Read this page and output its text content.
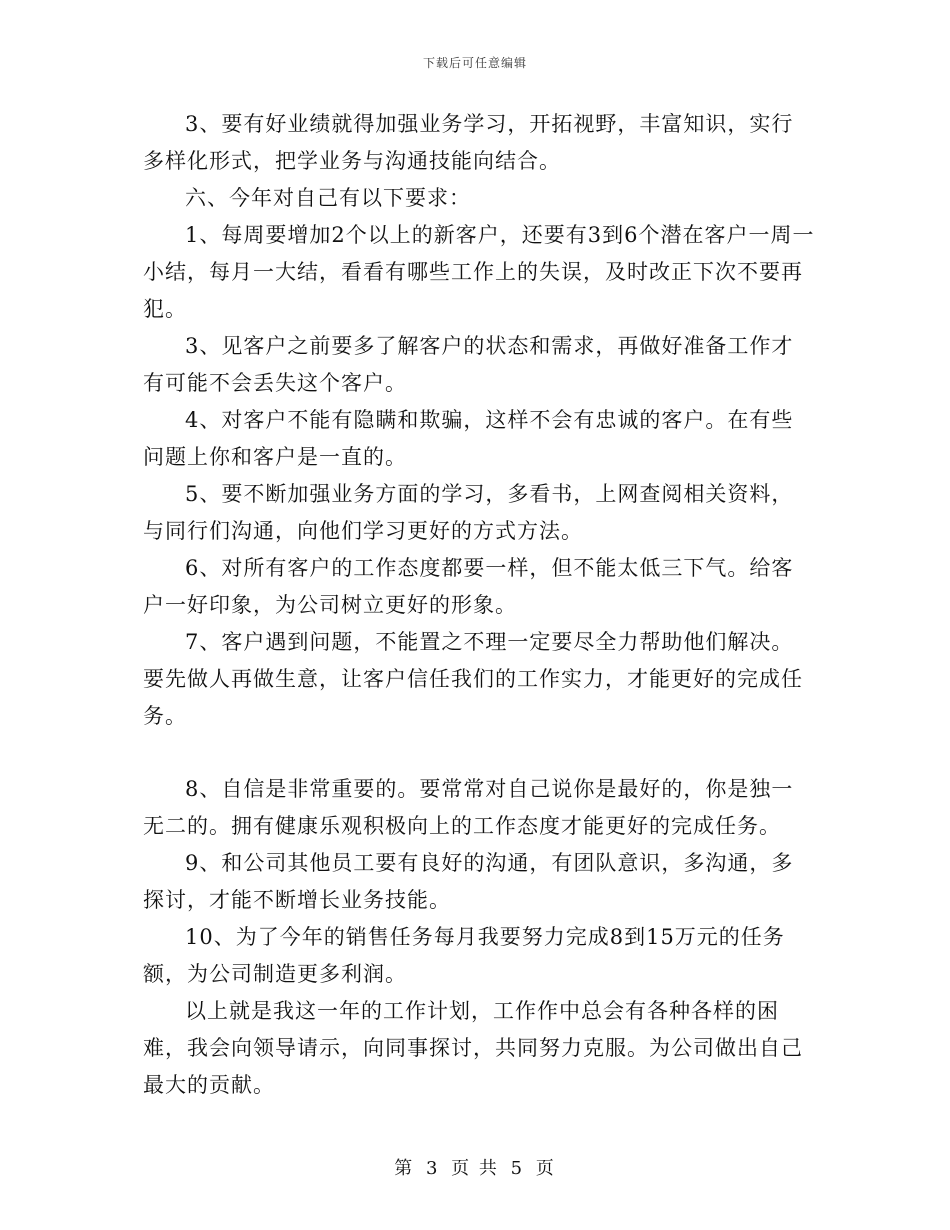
下载后可任意编辑

3、要有好业绩就得加强业务学习，开拓视野，丰富知识，实行多样化形式，把学业务与沟通技能向结合。

六、今年对自己有以下要求：

1、每周要增加2个以上的新客户，还要有3到6个潜在客户一周一小结，每月一大结，看看有哪些工作上的失误，及时改正下次不要再犯。

3、见客户之前要多了解客户的状态和需求，再做好准备工作才有可能不会丢失这个客户。

4、对客户不能有隐瞒和欺骗，这样不会有忠诚的客户。在有些问题上你和客户是一直的。

5、要不断加强业务方面的学习，多看书，上网查阅相关资料，与同行们沟通，向他们学习更好的方式方法。

6、对所有客户的工作态度都要一样，但不能太低三下气。给客户一好印象，为公司树立更好的形象。

7、客户遇到问题，不能置之不理一定要尽全力帮助他们解决。要先做人再做生意，让客户信任我们的工作实力，才能更好的完成任务。

8、自信是非常重要的。要常常对自己说你是最好的，你是独一无二的。拥有健康乐观积极向上的工作态度才能更好的完成任务。

9、和公司其他员工要有良好的沟通，有团队意识，多沟通，多探讨，才能不断增长业务技能。

10、为了今年的销售任务每月我要努力完成8到15万元的任务额，为公司制造更多利润。

以上就是我这一年的工作计划，工作作中总会有各种各样的困难，我会向领导请示，向同事探讨，共同努力克服。为公司做出自己最大的贡献。

第 3 页 共 5 页
